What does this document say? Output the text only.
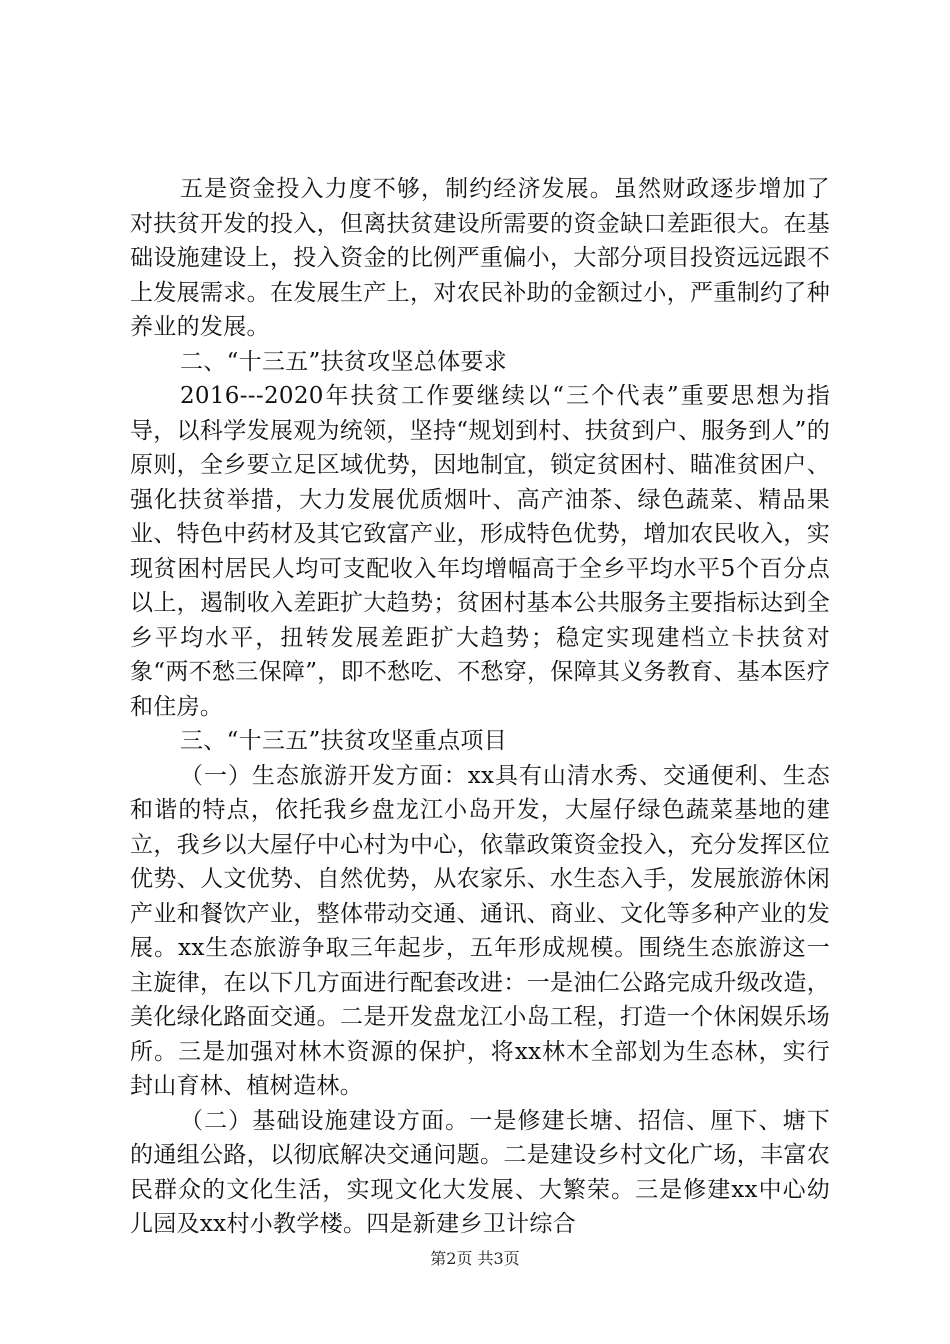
五是资金投入力度不够，制约经济发展。虽然财政逐步增加了对扶贫开发的投入，但离扶贫建设所需要的资金缺口差距很大。在基础设施建设上，投入资金的比例严重偏小，大部分项目投资远远跟不上发展需求。在发展生产上，对农民补助的金额过小，严重制约了种养业的发展。

二、“十三五”扶贫攻坚总体要求

2016---2020年扶贫工作要继续以“三个代表”重要思想为指导，以科学发展观为统领，坚持“规划到村、扶贫到户、服务到人”的原则，全乡要立足区域优势，因地制宜，锁定贫困村、瞄准贫困户、强化扶贫举措，大力发展优质烟叶、高产油茶、绿色蔬菜、精品果业、特色中药材及其它致富产业，形成特色优势，增加农民收入，实现贫困村居民人均可支配收入年均增幅高于全乡平均水平5个百分点以上，遏制收入差距扩大趋势；贫困村基本公共服务主要指标达到全乡平均水平，扭转发展差距扩大趋势；稳定实现建档立卡扶贫对象“两不愁三保障”，即不愁吃、不愁穿，保障其义务教育、基本医疗和住房。

三、“十三五”扶贫攻坚重点项目

（一）生态旅游开发方面：xx具有山清水秀、交通便利、生态和谐的特点，依托我乡盘龙江小岛开发，大屋仔绿色蔬菜基地的建立，我乡以大屋仔中心村为中心，依靠政策资金投入，充分发挥区位优势、人文优势、自然优势，从农家乐、水生态入手，发展旅游休闲产业和餐饮产业，整体带动交通、通讯、商业、文化等多种产业的发展。xx生态旅游争取三年起步，五年形成规模。围绕生态旅游这一主旋律，在以下几方面进行配套改进：一是油仁公路完成升级改造，美化绿化路面交通。二是开发盘龙江小岛工程，打造一个休闲娱乐场所。三是加强对林木资源的保护，将xx林木全部划为生态林，实行封山育林、植树造林。

（二）基础设施建设方面。一是修建长塘、招信、厘下、塘下的通组公路，以彻底解决交通问题。二是建设乡村文化广场，丰富农民群众的文化生活，实现文化大发展、大繁荣。三是修建xx中心幼儿园及xx村小教学楼。四是新建乡卫计综合

第2页 共3页
